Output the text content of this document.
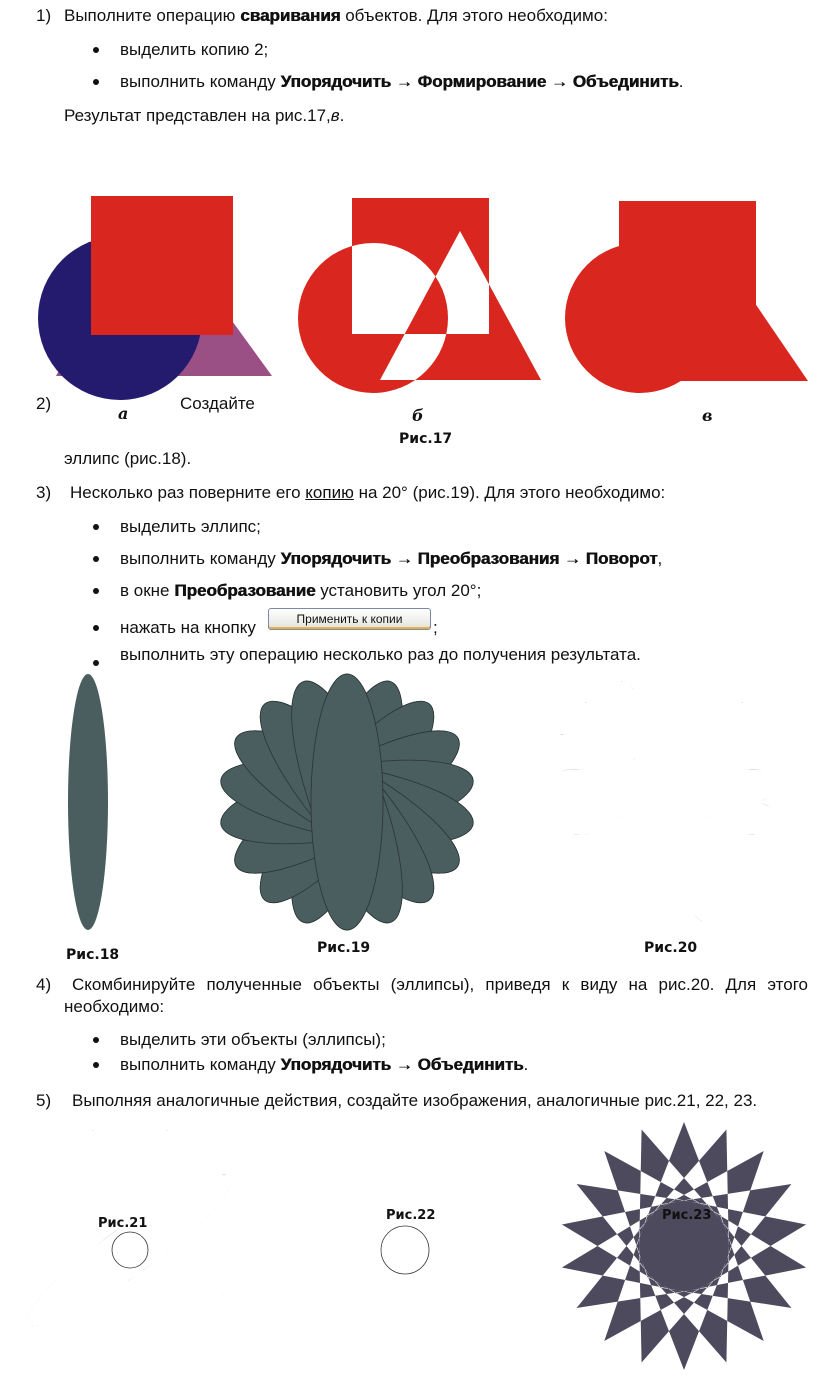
1) Выполните операцию сваривания объектов. Для этого необходимо:
выделить копию 2;
выполнить команду Упорядочить → Формирование → Объединить.
Результат представлен на рис.17,в.
2)
а
Создайте
б	в
Рис.17
эллипс (рис.18).
3) Несколько раз поверните его копию на 20° (рис.19). Для этого необходимо:
выделить эллипс;
выполнить команду Упорядочить → Преобразования → Поворот,
в окне Преобразование установить угол 20°;
нажать на кнопку	Применить к копии	;
выполнить эту операцию несколько раз до получения результата.
Рис.18	Рис.19	Рис.20
4) Скомбинируйте полученные объекты (эллипсы), приведя к виду на рис.20. Для этого
необходимо:
выделить эти объекты (эллипсы);
выполнить команду Упорядочить → Объединить.
5) Выполняя аналогичные действия, создайте изображения, аналогичные рис.21, 22, 23.
Рис.21
Рис.22	Рис.23
